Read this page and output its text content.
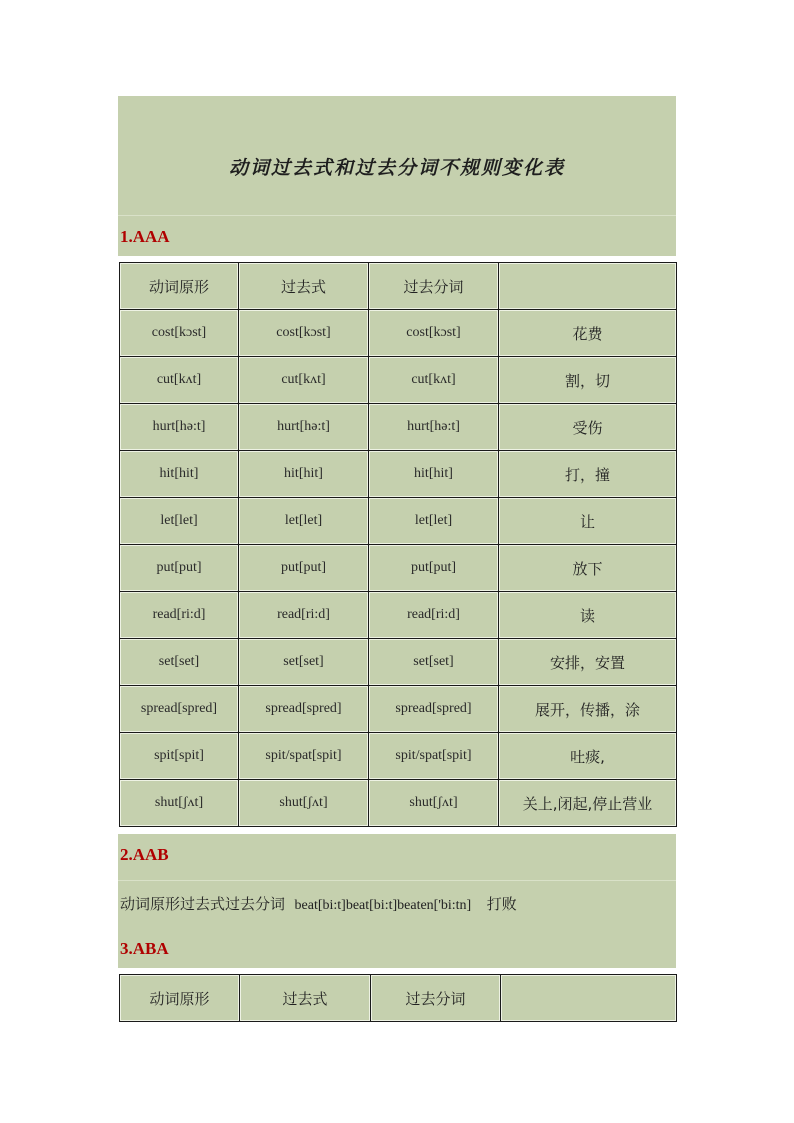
动词过去式和过去分词不规则变化表
1.AAA
动词原形	过去式	过去分词	
cost[kɔst]	cost[kɔst]	cost[kɔst]	花费
cut[kʌt]	cut[kʌt]	cut[kʌt]	割，切
hurt[hə:t]	hurt[hə:t]	hurt[hə:t]	受伤
hit[hit]	hit[hit]	hit[hit]	打，撞
let[let]	let[let]	let[let]	让
put[put]	put[put]	put[put]	放下
read[ri:d]	read[ri:d]	read[ri:d]	读
set[set]	set[set]	set[set]	安排，安置
spread[spred]	spread[spred]	spread[spred]	展开，传播，涂
spit[spit]	spit/spat[spit]	spit/spat[spit]	吐痰,
shut[ʃʌt]	shut[ʃʌt]	shut[ʃʌt]	关上,闭起,停止营业
2.AAB
动词原形过去式过去分词 beat[bi:t]beat[bi:t]beaten['bi:tn] 打败
3.ABA
动词原形	过去式	过去分词	
